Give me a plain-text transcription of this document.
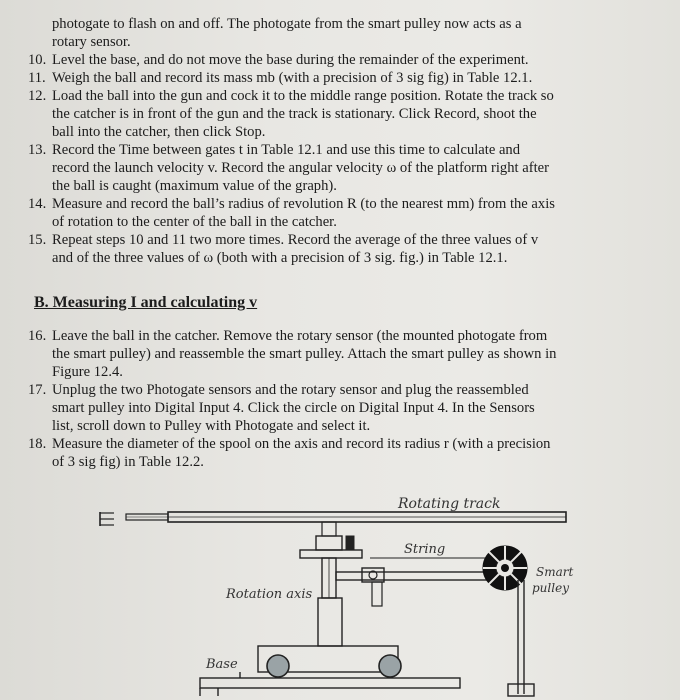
photogate to flash on and off. The photogate from the smart pulley now acts as a
rotary sensor.
10. Level the base, and do not move the base during the remainder of the experiment.
11. Weigh the ball and record its mass mb (with a precision of 3 sig fig) in Table 12.1.
12. Load the ball into the gun and cock it to the middle range position. Rotate the track so
the catcher is in front of the gun and the track is stationary. Click Record, shoot the
ball into the catcher, then click Stop.
13. Record the Time between gates t in Table 12.1 and use this time to calculate and
record the launch velocity v. Record the angular velocity ω of the platform right after
the ball is caught (maximum value of the graph).
14. Measure and record the ball’s radius of revolution R (to the nearest mm) from the axis
of rotation to the center of the ball in the catcher.
15. Repeat steps 10 and 11 two more times. Record the average of the three values of v
and of the three values of ω (both with a precision of 3 sig. fig.) in Table 12.1.
B. Measuring I and calculating v
16. Leave the ball in the catcher. Remove the rotary sensor (the mounted photogate from
the smart pulley) and reassemble the smart pulley. Attach the smart pulley as shown in
Figure 12.4.
17. Unplug the two Photogate sensors and the rotary sensor and plug the reassembled
smart pulley into Digital Input 4. Click the circle on Digital Input 4. In the Sensors
list, scroll down to Pulley with Photogate and select it.
18. Measure the diameter of the spool on the axis and record its radius r (with a precision
of 3 sig fig) in Table 12.2.
Rotating track
String
Smart
pulley
Rotation axis
Base
